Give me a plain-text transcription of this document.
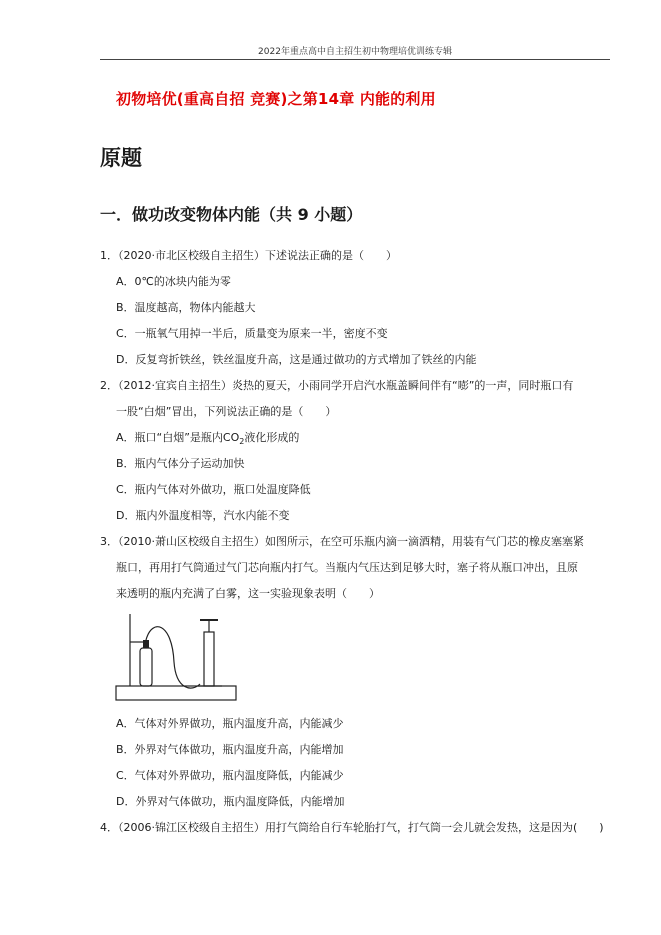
2022年重点高中自主招生初中物理培优训练专辑
初物培优(重高自招 竞赛)之第14章 内能的利用
原题
一．做功改变物体内能（共 9 小题）
1．（2020·市北区校级自主招生）下述说法正确的是（　　）
A．0℃的冰块内能为零
B．温度越高，物体内能越大
C．一瓶氧气用掉一半后，质量变为原来一半，密度不变
D．反复弯折铁丝，铁丝温度升高，这是通过做功的方式增加了铁丝的内能
2．（2012·宜宾自主招生）炎热的夏天，小雨同学开启汽水瓶盖瞬间伴有“嘭”的一声，同时瓶口有
一股“白烟”冒出，下列说法正确的是（　　）
A．瓶口“白烟”是瓶内$CO_2$液化形成的
B．瓶内气体分子运动加快
C．瓶内气体对外做功，瓶口处温度降低
D．瓶内外温度相等，汽水内能不变
3．（2010·萧山区校级自主招生）如图所示，在空可乐瓶内滴一滴酒精，用装有气门芯的橡皮塞塞紧
瓶口，再用打气筒通过气门芯向瓶内打气。当瓶内气压达到足够大时，塞子将从瓶口冲出，且原
来透明的瓶内充满了白雾，这一实验现象表明（　　）
A．气体对外界做功，瓶内温度升高，内能减少
B．外界对气体做功，瓶内温度升高，内能增加
C．气体对外界做功，瓶内温度降低，内能减少
D．外界对气体做功，瓶内温度降低，内能增加
4．（2006·锦江区校级自主招生）用打气筒给自行车轮胎打气，打气筒一会儿就会发热，这是因为(　　)
